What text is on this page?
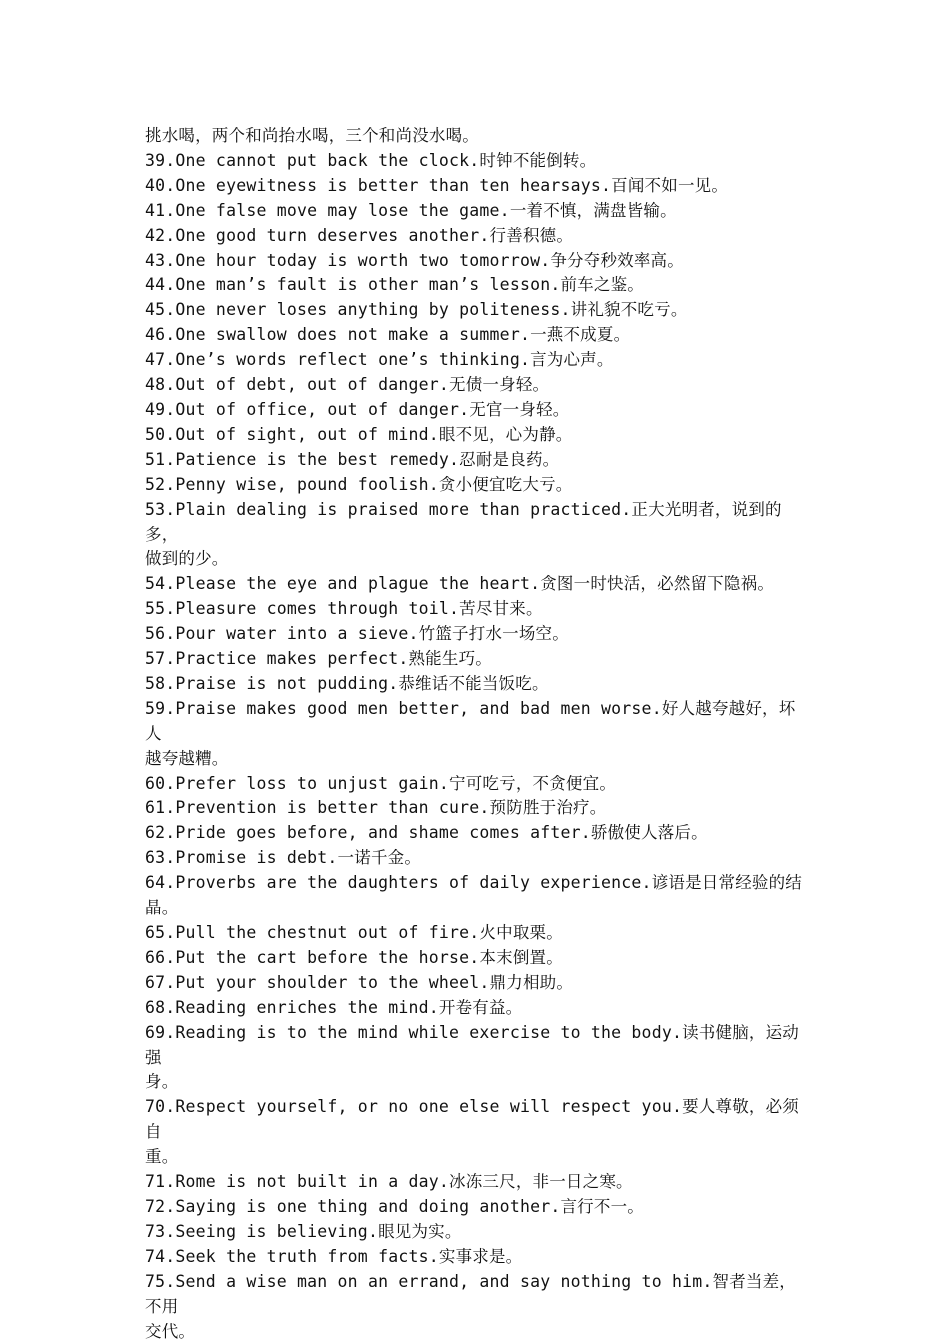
挑水喝，两个和尚抬水喝，三个和尚没水喝。
39.One cannot put back the clock.时钟不能倒转。
40.One eyewitness is better than ten hearsays.百闻不如一见。
41.One false move may lose the game.一着不慎，满盘皆输。
42.One good turn deserves another.行善积德。
43.One hour today is worth two tomorrow.争分夺秒效率高。
44.One man’s fault is other man’s lesson.前车之鉴。
45.One never loses anything by politeness.讲礼貌不吃亏。
46.One swallow does not make a summer.一燕不成夏。
47.One’s words reflect one’s thinking.言为心声。
48.Out of debt, out of danger.无债一身轻。
49.Out of office, out of danger.无官一身轻。
50.Out of sight, out of mind.眼不见，心为静。
51.Patience is the best remedy.忍耐是良药。
52.Penny wise, pound foolish.贪小便宜吃大亏。
53.Plain dealing is praised more than practiced.正大光明者，说到的多，
做到的少。
54.Please the eye and plague the heart.贪图一时快活，必然留下隐祸。
55.Pleasure comes through toil.苦尽甘来。
56.Pour water into a sieve.竹篮子打水一场空。
57.Practice makes perfect.熟能生巧。
58.Praise is not pudding.恭维话不能当饭吃。
59.Praise makes good men better, and bad men worse.好人越夸越好，坏人
越夸越糟。
60.Prefer loss to unjust gain.宁可吃亏，不贪便宜。
61.Prevention is better than cure.预防胜于治疗。
62.Pride goes before, and shame comes after.骄傲使人落后。
63.Promise is debt.一诺千金。
64.Proverbs are the daughters of daily experience.谚语是日常经验的结
晶。
65.Pull the chestnut out of fire.火中取栗。
66.Put the cart before the horse.本末倒置。
67.Put your shoulder to the wheel.鼎力相助。
68.Reading enriches the mind.开卷有益。
69.Reading is to the mind while exercise to the body.读书健脑，运动强
身。
70.Respect yourself, or no one else will respect you.要人尊敬，必须自
重。
71.Rome is not built in a day.冰冻三尺，非一日之寒。
72.Saying is one thing and doing another.言行不一。
73.Seeing is believing.眼见为实。
74.Seek the truth from facts.实事求是。
75.Send a wise man on an errand, and say nothing to him.智者当差，不用
交代。
